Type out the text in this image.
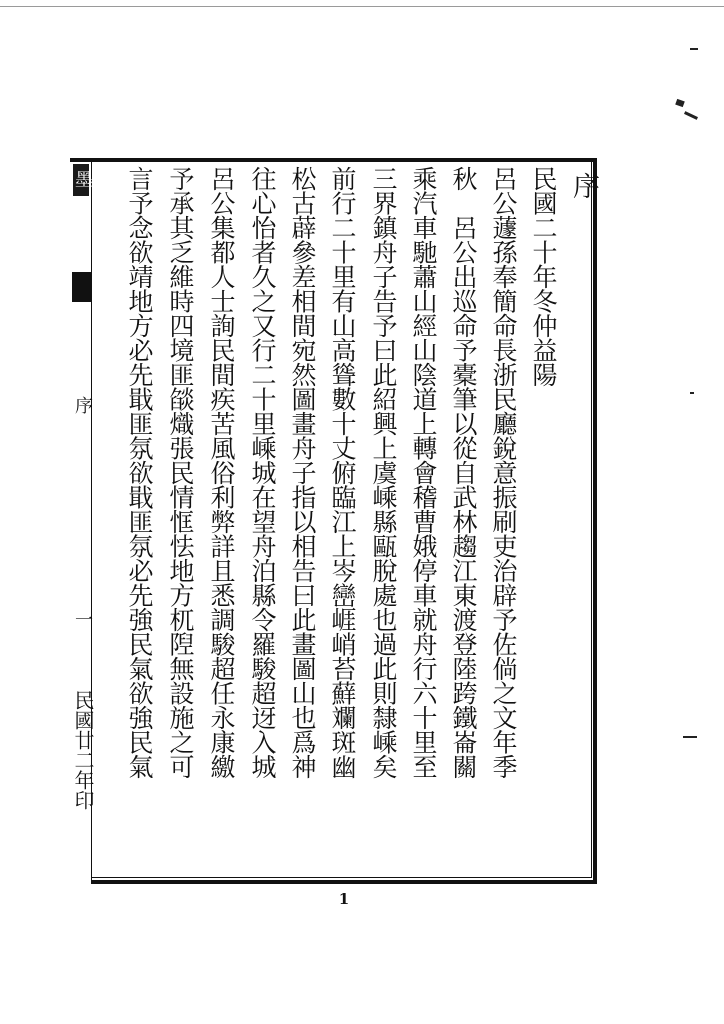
墨
序
一
民國廿二年印
序
民國二十年冬仲益陽
呂公蘧孫奉簡命長浙民廳銳意振刷吏治辟予佐倘之文年季
秋　呂公出巡命予橐筆以從自武林趨江東渡登陸跨鐵崙關
乘汽車馳蕭山經山陰道上轉會稽曹娥停車就舟行六十里至
三界鎮舟子告予曰此紹興上虞嵊縣甌脫處也過此則隸嵊矣
前行二十里有山高聳數十丈俯臨江上岑巒崕峭苔蘚斕斑幽
松古薜參差相間宛然圖畫舟子指以相告曰此畫圖山也爲神
往心怡者久之又行二十里嵊城在望舟泊縣令羅駿超迓入城
呂公集都人士詢民間疾苦風俗利弊詳且悉調駿超任永康繳
予承其乏維時四境匪燄熾張民情恇怯地方杌隉無設施之可
言予念欲靖地方必先戢匪氛欲戢匪氛必先強民氣欲強民氣
1
